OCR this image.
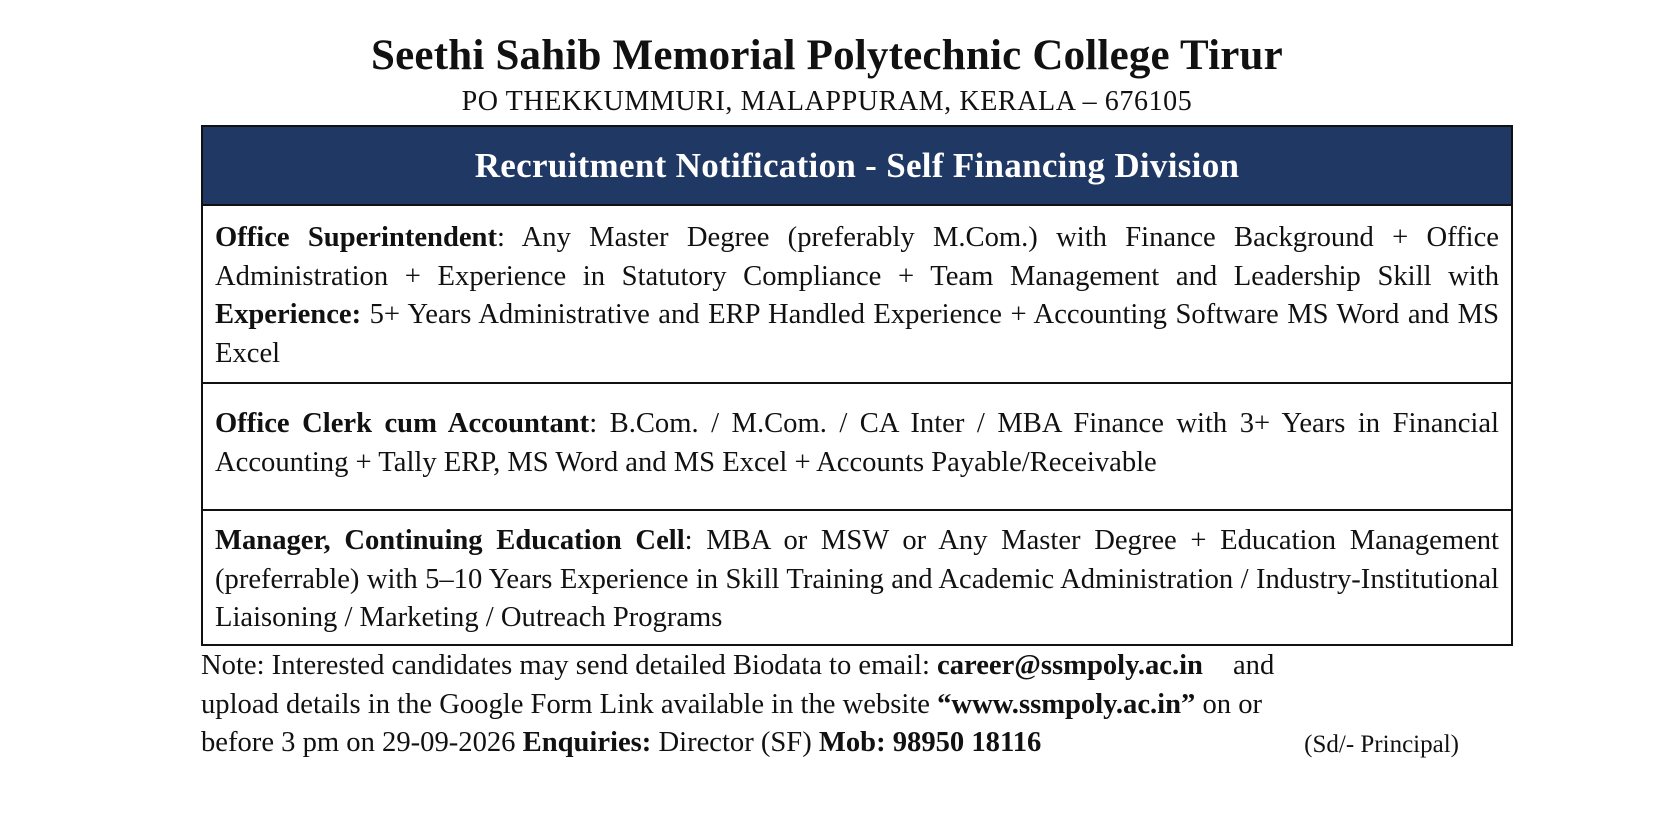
Seethi Sahib Memorial Polytechnic College Tirur
PO THEKKUMMURI, MALAPPURAM, KERALA – 676105
Recruitment Notification - Self Financing Division
Office Superintendent: Any Master Degree (preferably M.Com.) with Finance Background + Office Administration + Experience in Statutory Compliance + Team Management and Leadership Skill with Experience: 5+ Years Administrative and ERP Handled Experience + Accounting Software MS Word and MS Excel
Office Clerk cum Accountant: B.Com. / M.Com. / CA Inter / MBA Finance with 3+ Years in Financial Accounting + Tally ERP, MS Word and MS Excel + Accounts Payable/Receivable
Manager, Continuing Education Cell: MBA or MSW or Any Master Degree + Education Management (preferrable) with 5–10 Years Experience in Skill Training and Academic Administration / Industry-Institutional Liaisoning / Marketing / Outreach Programs
Note: Interested candidates may send detailed Biodata to email: career@ssmpoly.ac.in and
upload details in the Google Form Link available in the website “www.ssmpoly.ac.in” on or
before 3 pm on 29-09-2026 Enquiries: Director (SF) Mob: 98950 18116	(Sd/- Principal)
